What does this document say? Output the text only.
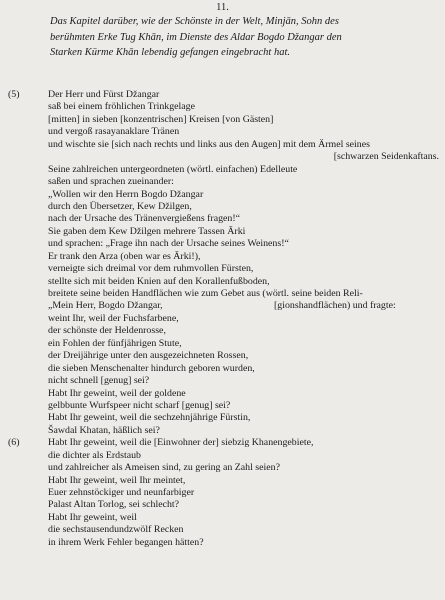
11.
Das Kapitel darüber, wie der Schönste in der Welt, Minjān, Sohn des
berühmten Erke Tug Khān, im Dienste des Aldar Bogdo Džangar den
Starken Kürme Khān lebendig gefangen eingebracht hat.
(5)	Der Herr und Fürst Džangar
saß bei einem fröhlichen Trinkgelage
[mitten] in sieben [konzentrischen] Kreisen [von Gästen]
und vergoß rasayanaklare Tränen
und wischte sie [sich nach rechts und links aus den Augen] mit dem Ärmel seines
[schwarzen Seidenkaftans.
Seine zahlreichen untergeordneten (wörtl. einfachen) Edelleute
saßen und sprachen zueinander:
„Wollen wir den Herrn Bogdo Džangar
durch den Übersetzer, Kew Džilgen,
nach der Ursache des Tränenvergießens fragen!“
Sie gaben dem Kew Džilgen mehrere Tassen Ārki
und sprachen: „Frage ihn nach der Ursache seines Weinens!“
Er trank den Arza (oben war es Ārki!),
verneigte sich dreimal vor dem ruhmvollen Fürsten,
stellte sich mit beiden Knien auf den Korallenfußboden,
breitete seine beiden Handflächen wie zum Gebet aus (wörtl. seine beiden Reli-
„Mein Herr, Bogdo Džangar,	[gionshandflächen) und fragte:
weint Ihr, weil der Fuchsfarbene,
der schönste der Heldenrosse,
ein Fohlen der fünfjährigen Stute,
der Dreijährige unter den ausgezeichneten Rossen,
die sieben Menschenalter hindurch geboren wurden,
nicht schnell [genug] sei?
Habt Ihr geweint, weil der goldene
gelbbunte Wurfspeer nicht scharf [genug] sei?
Habt Ihr geweint, weil die sechzehnjährige Fürstin,
Šawdal Khatan, häßlich sei?
(6)	Habt Ihr geweint, weil die [Einwohner der] siebzig Khanengebiete,
die dichter als Erdstaub
und zahlreicher als Ameisen sind, zu gering an Zahl seien?
Habt Ihr geweint, weil Ihr meintet,
Euer zehnstöckiger und neunfarbiger
Palast Altan Torlog, sei schlecht?
Habt Ihr geweint, weil
die sechstausendundzwölf Recken
in ihrem Werk Fehler begangen hätten?
